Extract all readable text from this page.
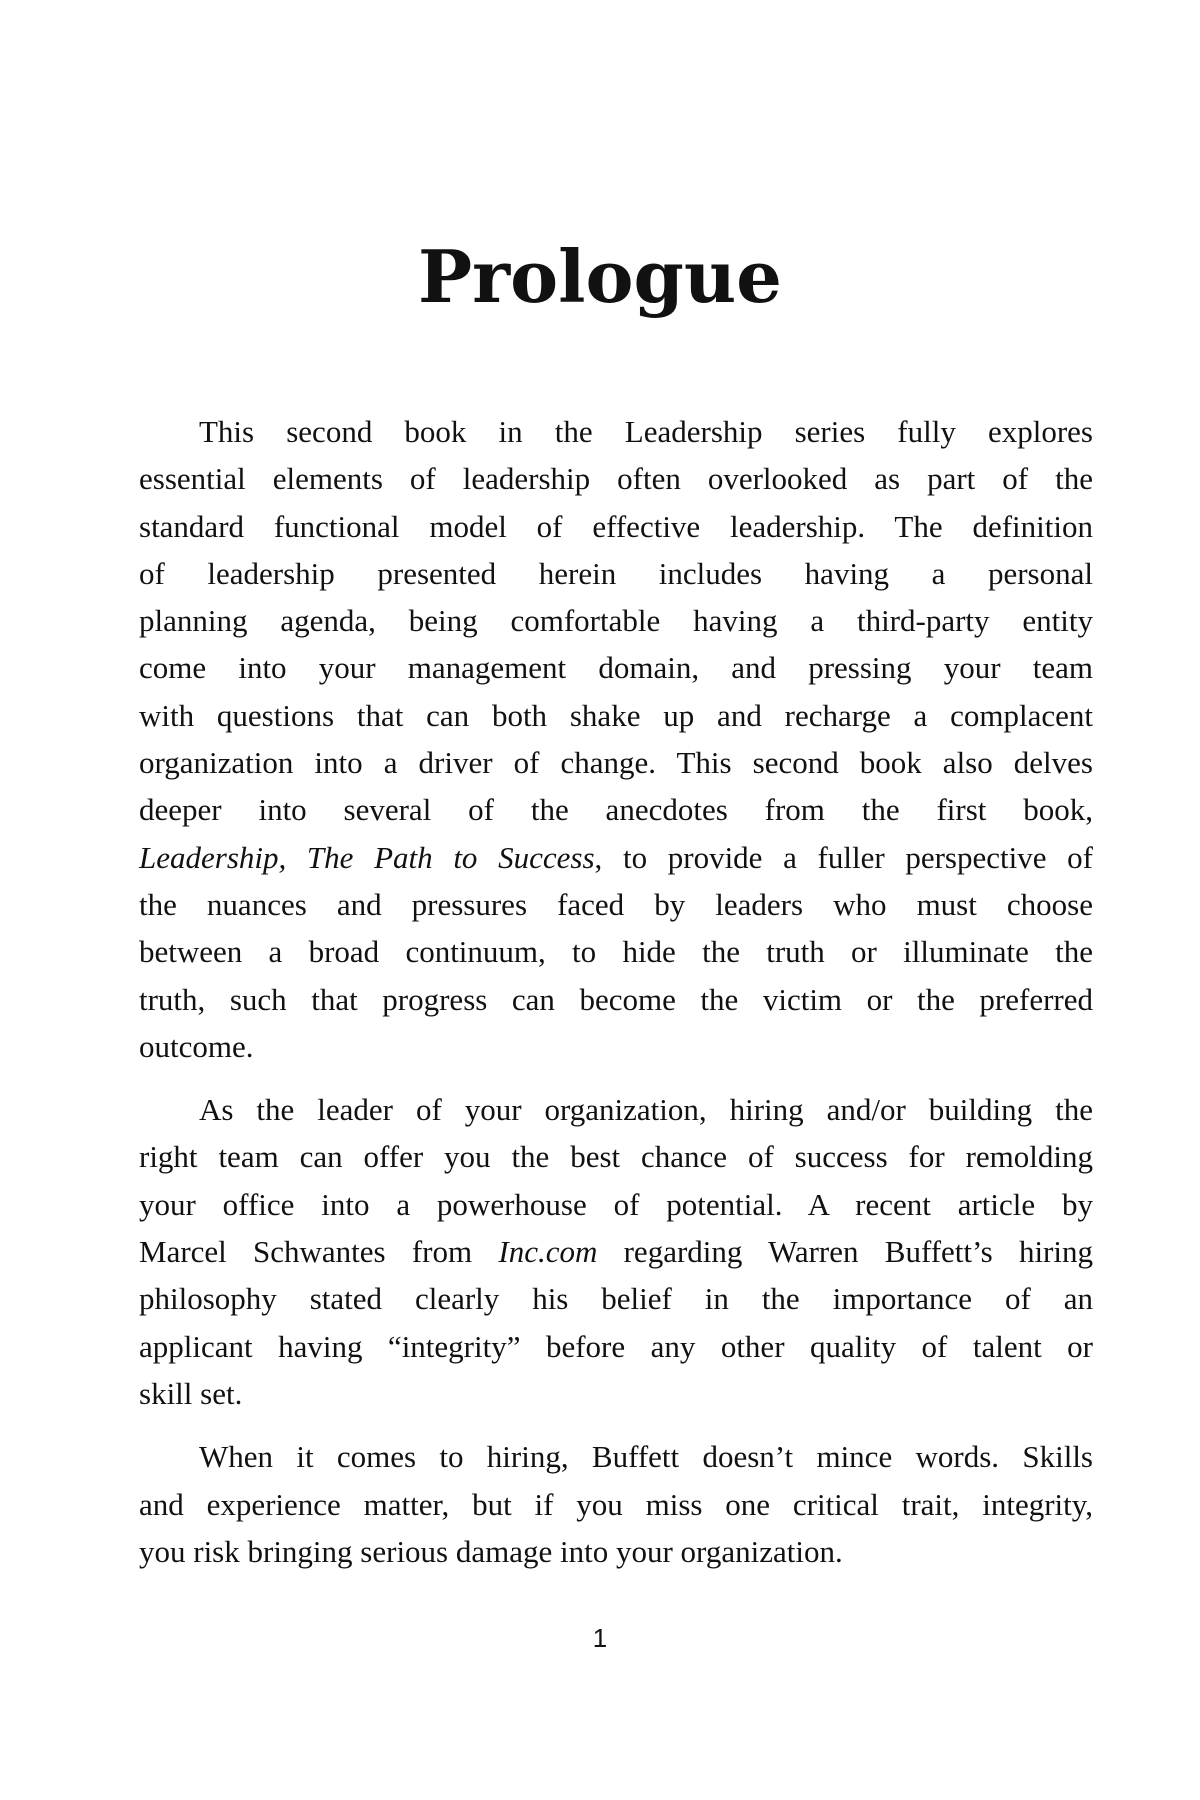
Prologue
This second book in the Leadership series fully explores
essential elements of leadership often overlooked as part of the
standard functional model of effective leadership. The definition
of leadership presented herein includes having a personal
planning agenda, being comfortable having a third-party entity
come into your management domain, and pressing your team
with questions that can both shake up and recharge a complacent
organization into a driver of change. This second book also delves
deeper into several of the anecdotes from the first book,
Leadership, The Path to Success, to provide a fuller perspective of
the nuances and pressures faced by leaders who must choose
between a broad continuum, to hide the truth or illuminate the
truth, such that progress can become the victim or the preferred
outcome.
As the leader of your organization, hiring and/or building the
right team can offer you the best chance of success for remolding
your office into a powerhouse of potential. A recent article by
Marcel Schwantes from Inc.com regarding Warren Buffett’s hiring
philosophy stated clearly his belief in the importance of an
applicant having “integrity” before any other quality of talent or
skill set.
When it comes to hiring, Buffett doesn’t mince words. Skills
and experience matter, but if you miss one critical trait, integrity,
you risk bringing serious damage into your organization.
1
